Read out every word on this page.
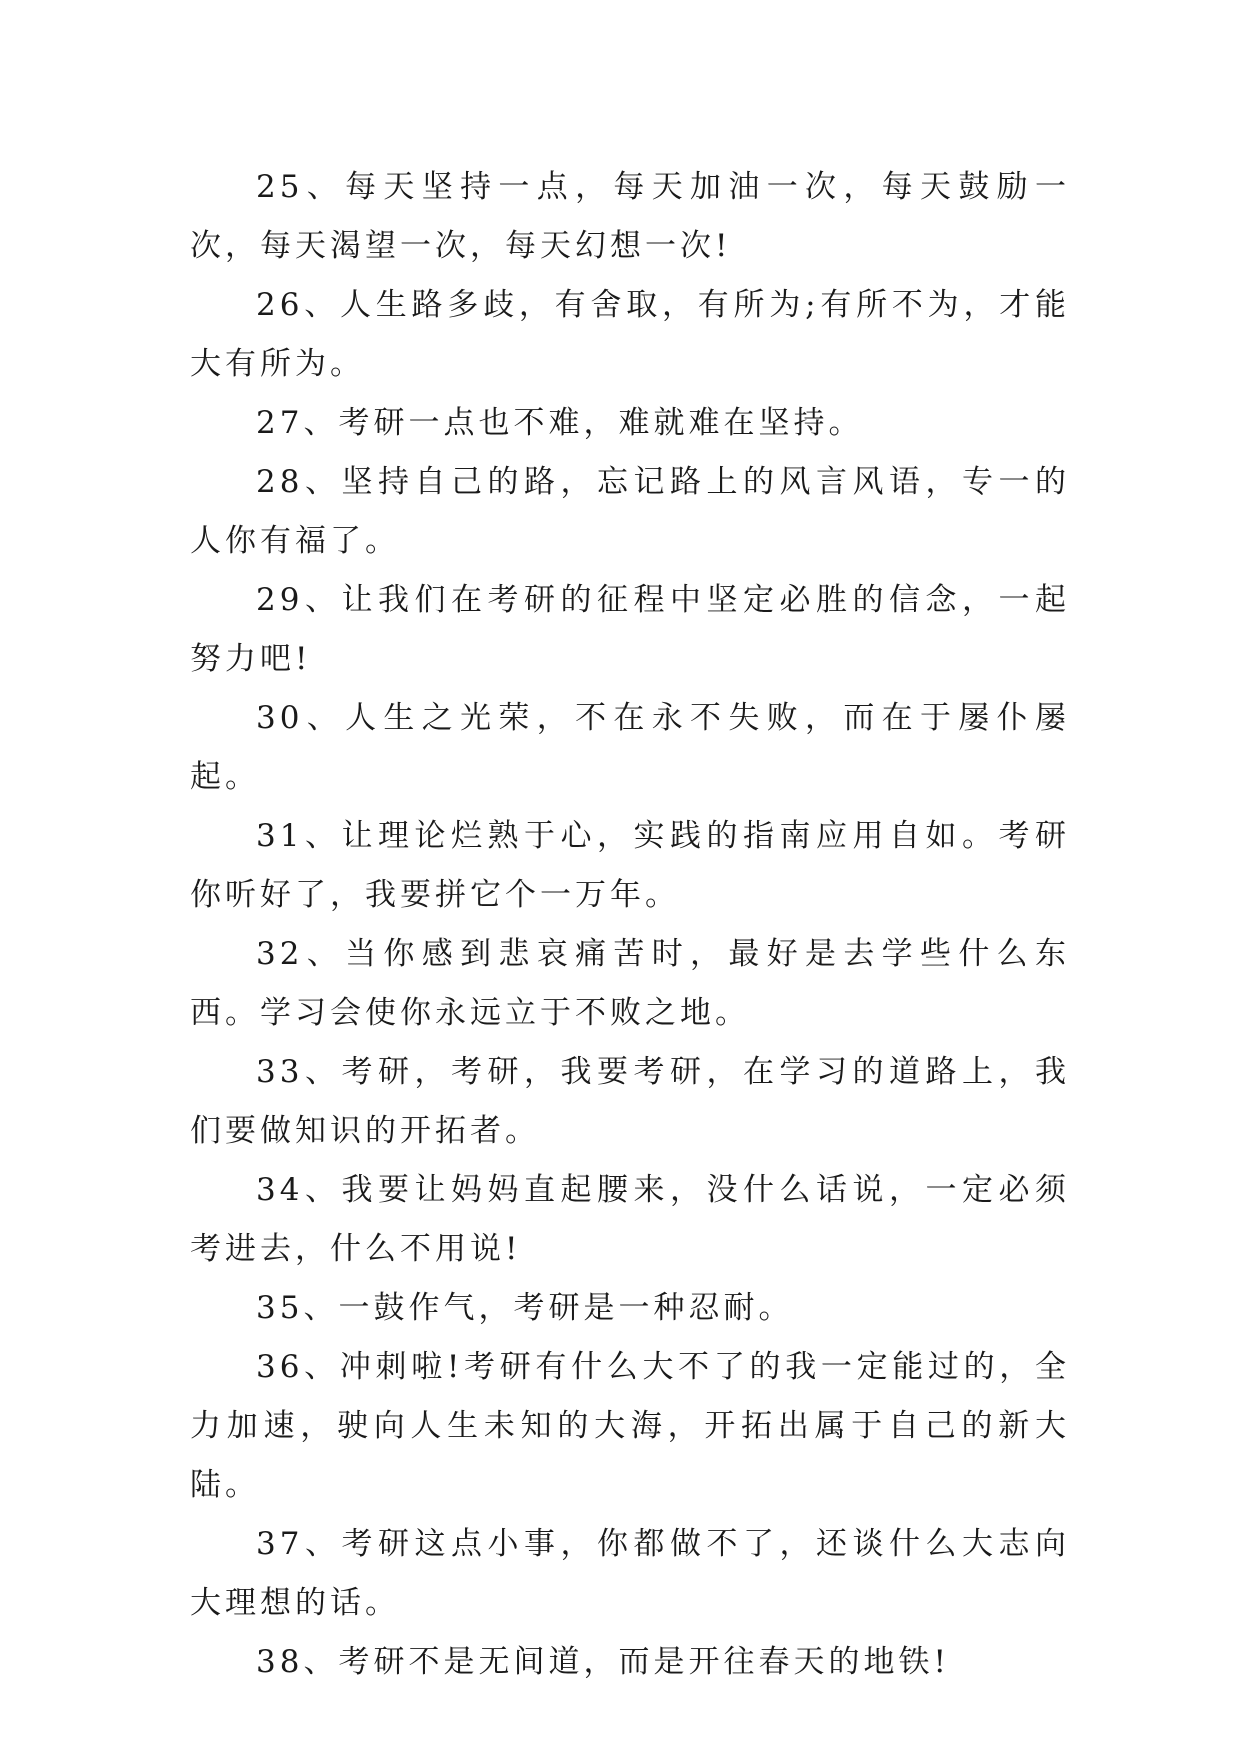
25、每天坚持一点，每天加油一次，每天鼓励一次，每天渴望一次，每天幻想一次!

26、人生路多歧，有舍取，有所为;有所不为，才能大有所为。

27、考研一点也不难，难就难在坚持。

28、坚持自己的路，忘记路上的风言风语，专一的人你有福了。

29、让我们在考研的征程中坚定必胜的信念，一起努力吧!

30、人生之光荣，不在永不失败，而在于屡仆屡起。

31、让理论烂熟于心，实践的指南应用自如。考研你听好了，我要拼它个一万年。

32、当你感到悲哀痛苦时，最好是去学些什么东西。学习会使你永远立于不败之地。

33、考研，考研，我要考研，在学习的道路上，我们要做知识的开拓者。

34、我要让妈妈直起腰来，没什么话说，一定必须考进去，什么不用说!

35、一鼓作气，考研是一种忍耐。

36、冲刺啦!考研有什么大不了的我一定能过的，全力加速，驶向人生未知的大海，开拓出属于自己的新大陆。

37、考研这点小事，你都做不了，还谈什么大志向大理想的话。

38、考研不是无间道，而是开往春天的地铁!
